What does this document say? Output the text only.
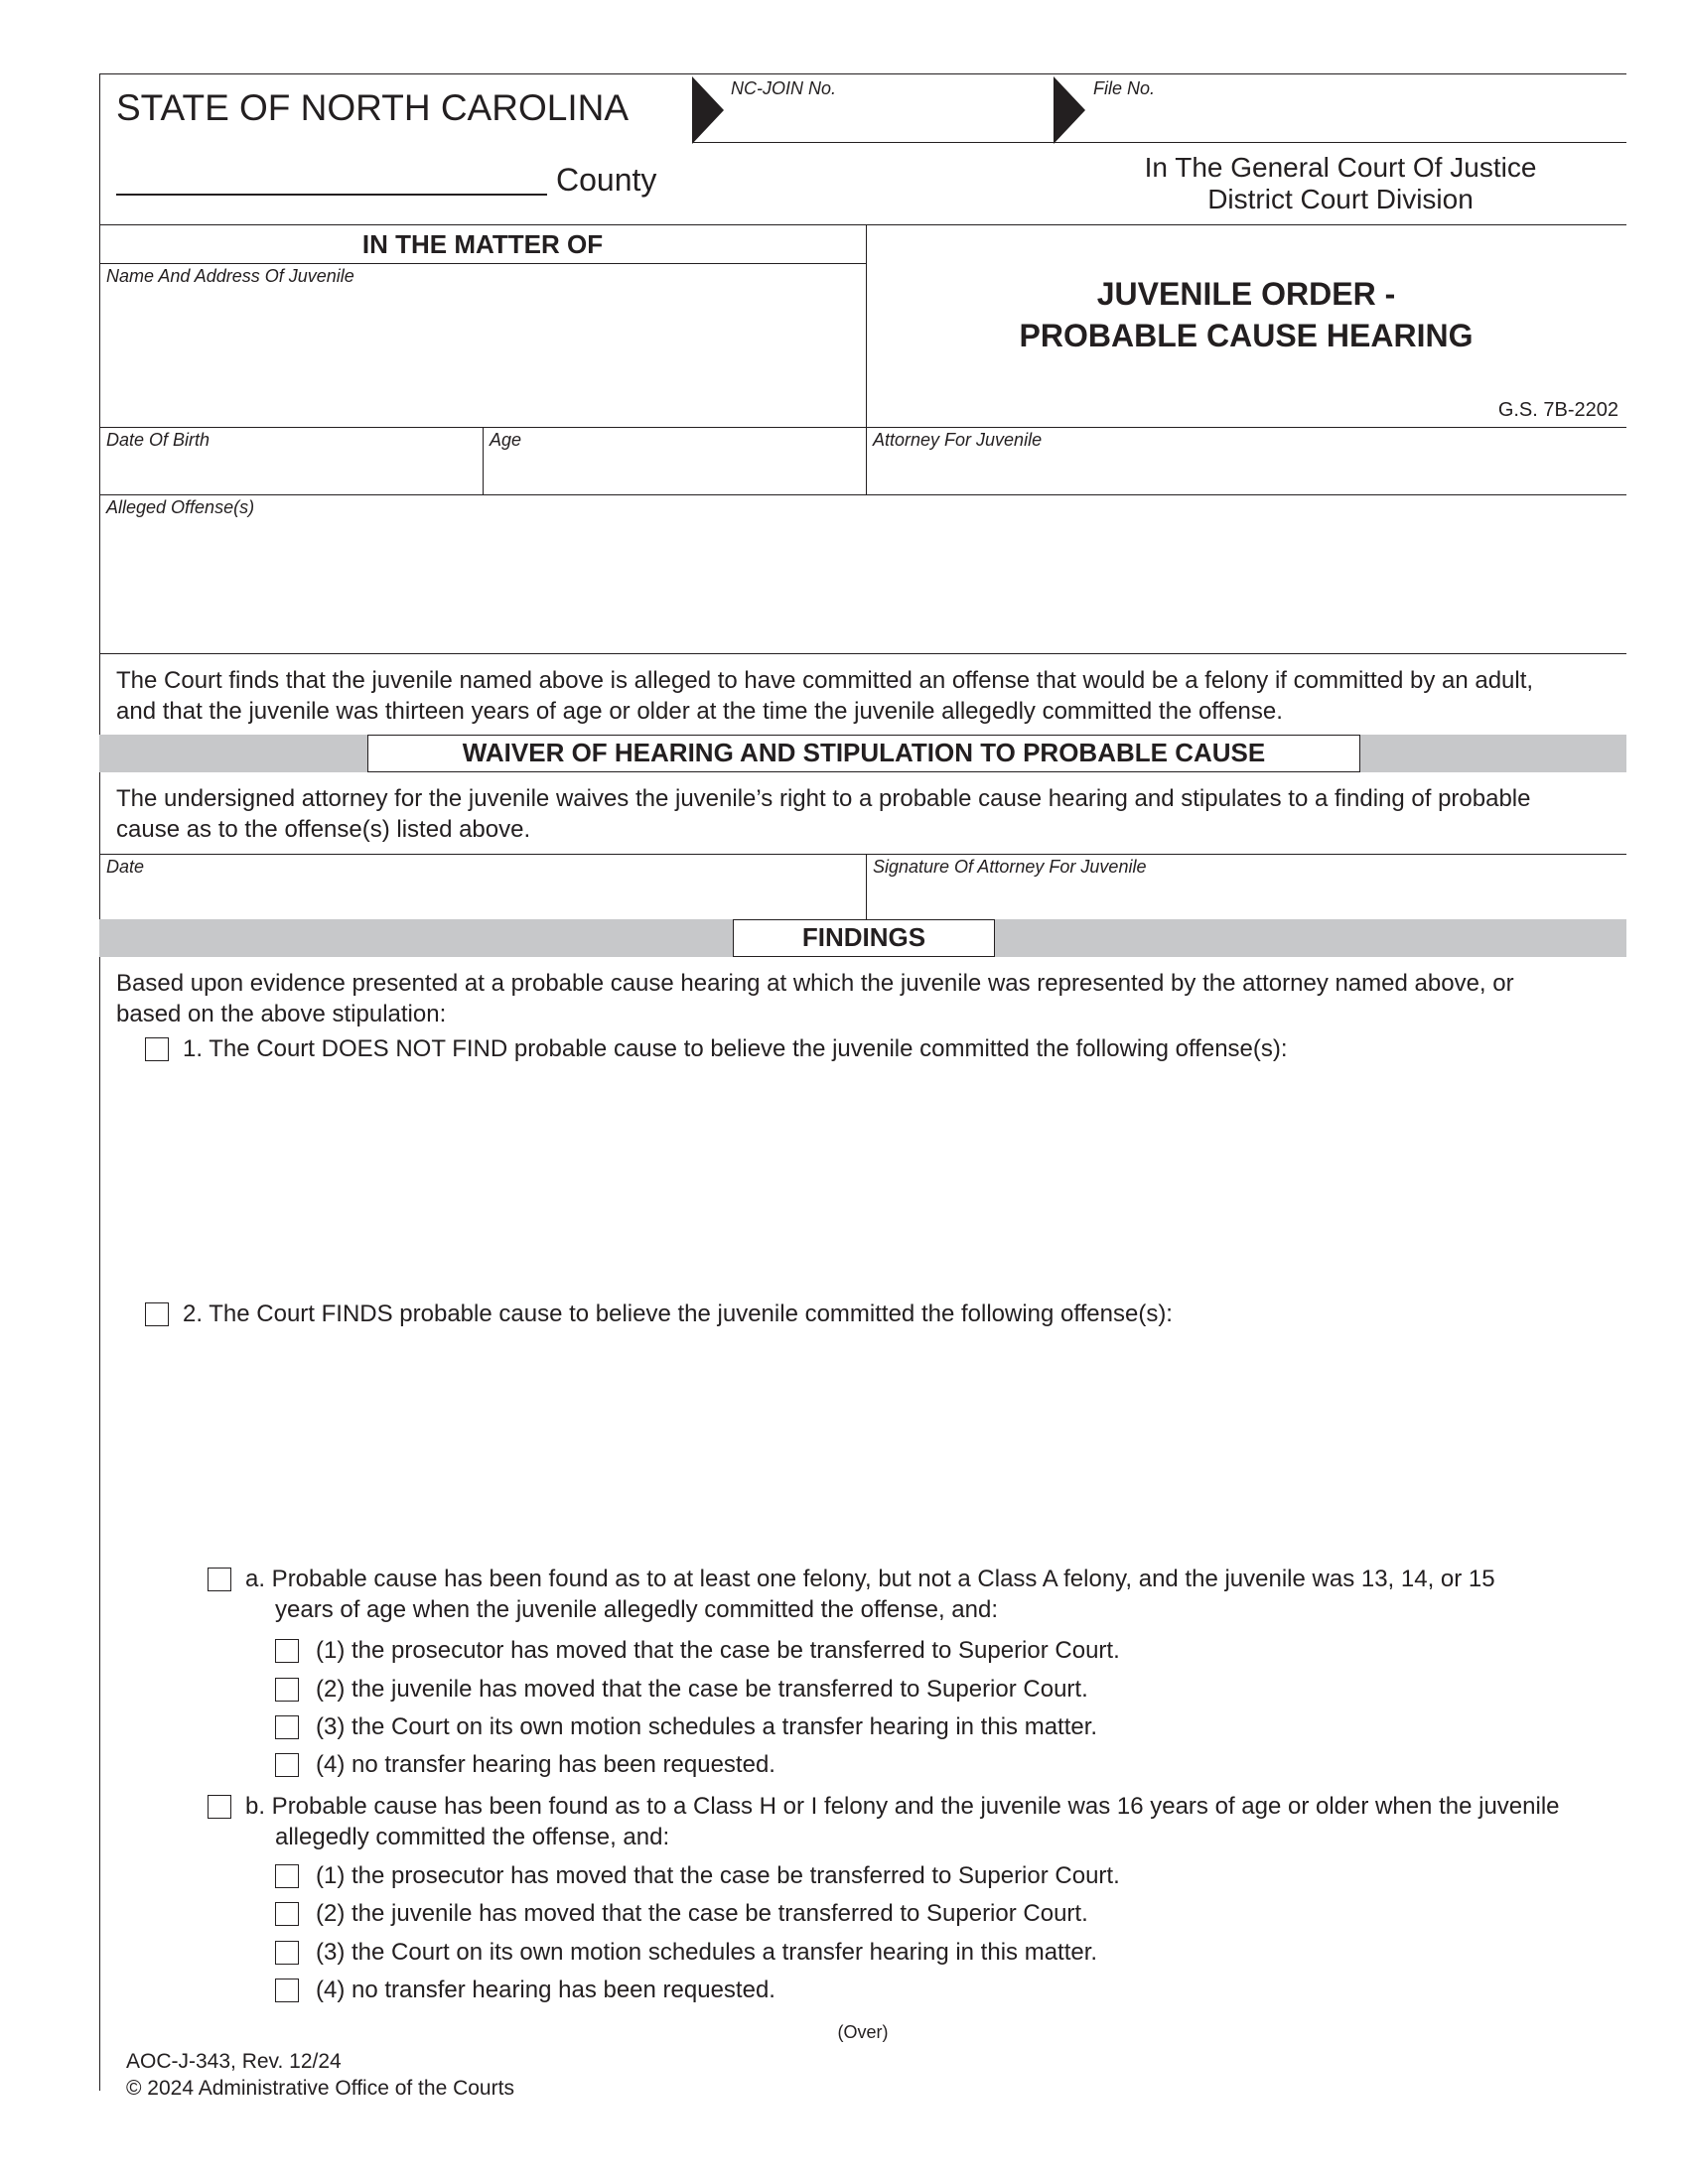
STATE OF NORTH CAROLINA
County
NC-JOIN No.	File No.
In The General Court Of Justice
District Court Division
IN THE MATTER OF
Name And Address Of Juvenile	JUVENILE ORDER -
PROBABLE CAUSE HEARING
G.S. 7B-2202
Date Of Birth	Age	Attorney For Juvenile
Alleged Offense(s)
The Court finds that the juvenile named above is alleged to have committed an offense that would be a felony if committed by an adult,
and that the juvenile was thirteen years of age or older at the time the juvenile allegedly committed the offense.
WAIVER OF HEARING AND STIPULATION TO PROBABLE CAUSE
The undersigned attorney for the juvenile waives the juvenile’s right to a probable cause hearing and stipulates to a finding of probable
cause as to the offense(s) listed above.
Date	Signature Of Attorney For Juvenile
FINDINGS
Based upon evidence presented at a probable cause hearing at which the juvenile was represented by the attorney named above, or
based on the above stipulation:
1. The Court DOES NOT FIND probable cause to believe the juvenile committed the following offense(s):
2. The Court FINDS probable cause to believe the juvenile committed the following offense(s):
a. Probable cause has been found as to at least one felony, but not a Class A felony, and the juvenile was 13, 14, or 15
years of age when the juvenile allegedly committed the offense, and:
(1) the prosecutor has moved that the case be transferred to Superior Court.
(2) the juvenile has moved that the case be transferred to Superior Court.
(3) the Court on its own motion schedules a transfer hearing in this matter.
(4) no transfer hearing has been requested.
b. Probable cause has been found as to a Class H or I felony and the juvenile was 16 years of age or older when the juvenile
allegedly committed the offense, and:
(1) the prosecutor has moved that the case be transferred to Superior Court.
(2) the juvenile has moved that the case be transferred to Superior Court.
(3) the Court on its own motion schedules a transfer hearing in this matter.
(4) no transfer hearing has been requested.
(Over)
AOC-J-343, Rev. 12/24
© 2024 Administrative Office of the Courts
